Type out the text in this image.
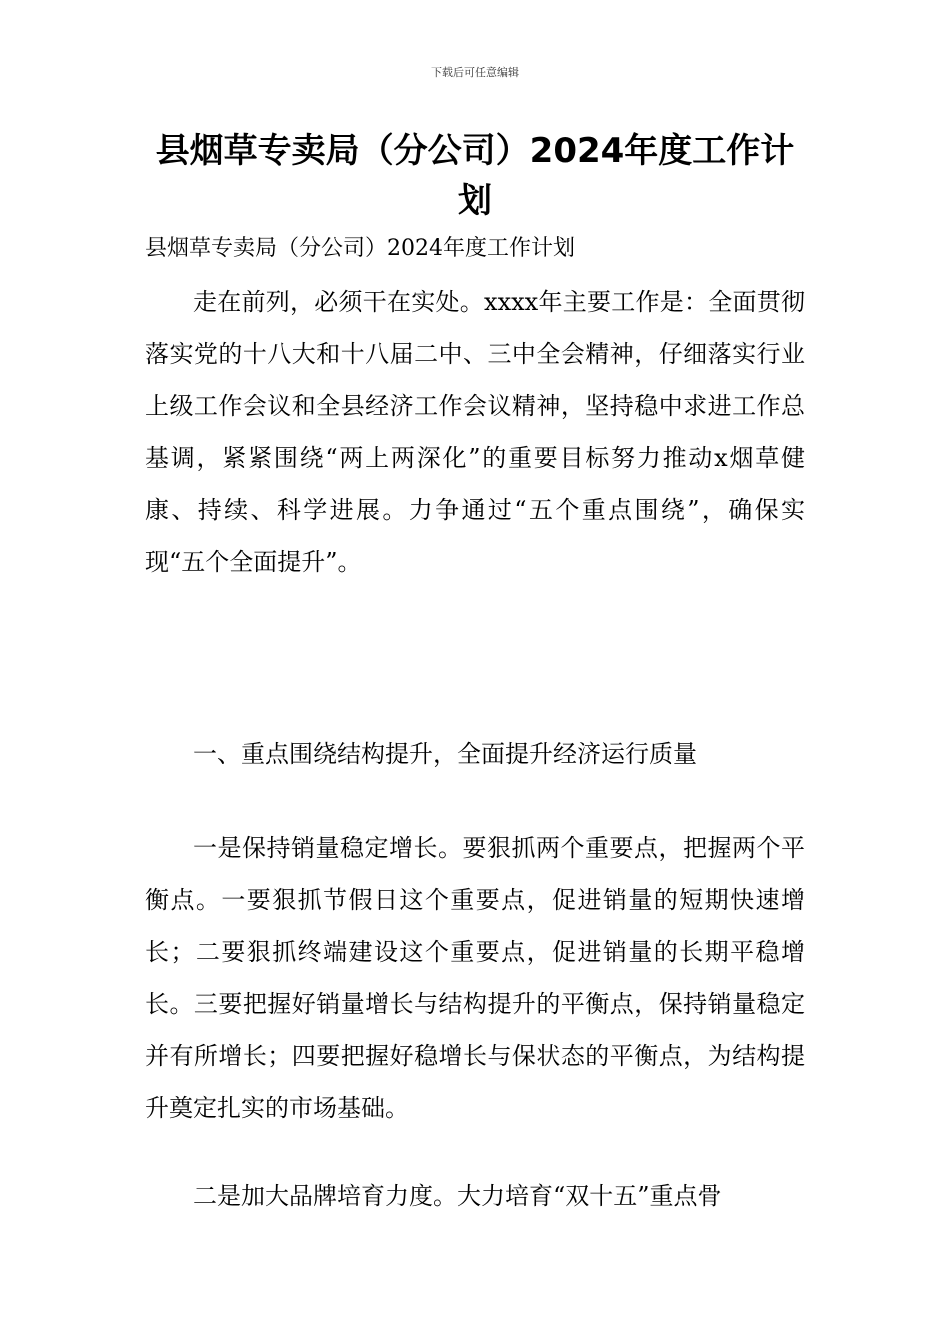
下载后可任意编辑
县烟草专卖局（分公司）2024年度工作计划

县烟草专卖局（分公司）2024年度工作计划

走在前列，必须干在实处。xxxx年主要工作是：全面贯彻落实党的十八大和十八届二中、三中全会精神，仔细落实行业上级工作会议和全县经济工作会议精神，坚持稳中求进工作总基调，紧紧围绕“两上两深化”的重要目标努力推动x烟草健康、持续、科学进展。力争通过“五个重点围绕”，确保实现“五个全面提升”。

一、重点围绕结构提升，全面提升经济运行质量

一是保持销量稳定增长。要狠抓两个重要点，把握两个平衡点。一要狠抓节假日这个重要点，促进销量的短期快速增长；二要狠抓终端建设这个重要点，促进销量的长期平稳增长。三要把握好销量增长与结构提升的平衡点，保持销量稳定并有所增长；四要把握好稳增长与保状态的平衡点，为结构提升奠定扎实的市场基础。

二是加大品牌培育力度。大力培育“双十五”重点骨
